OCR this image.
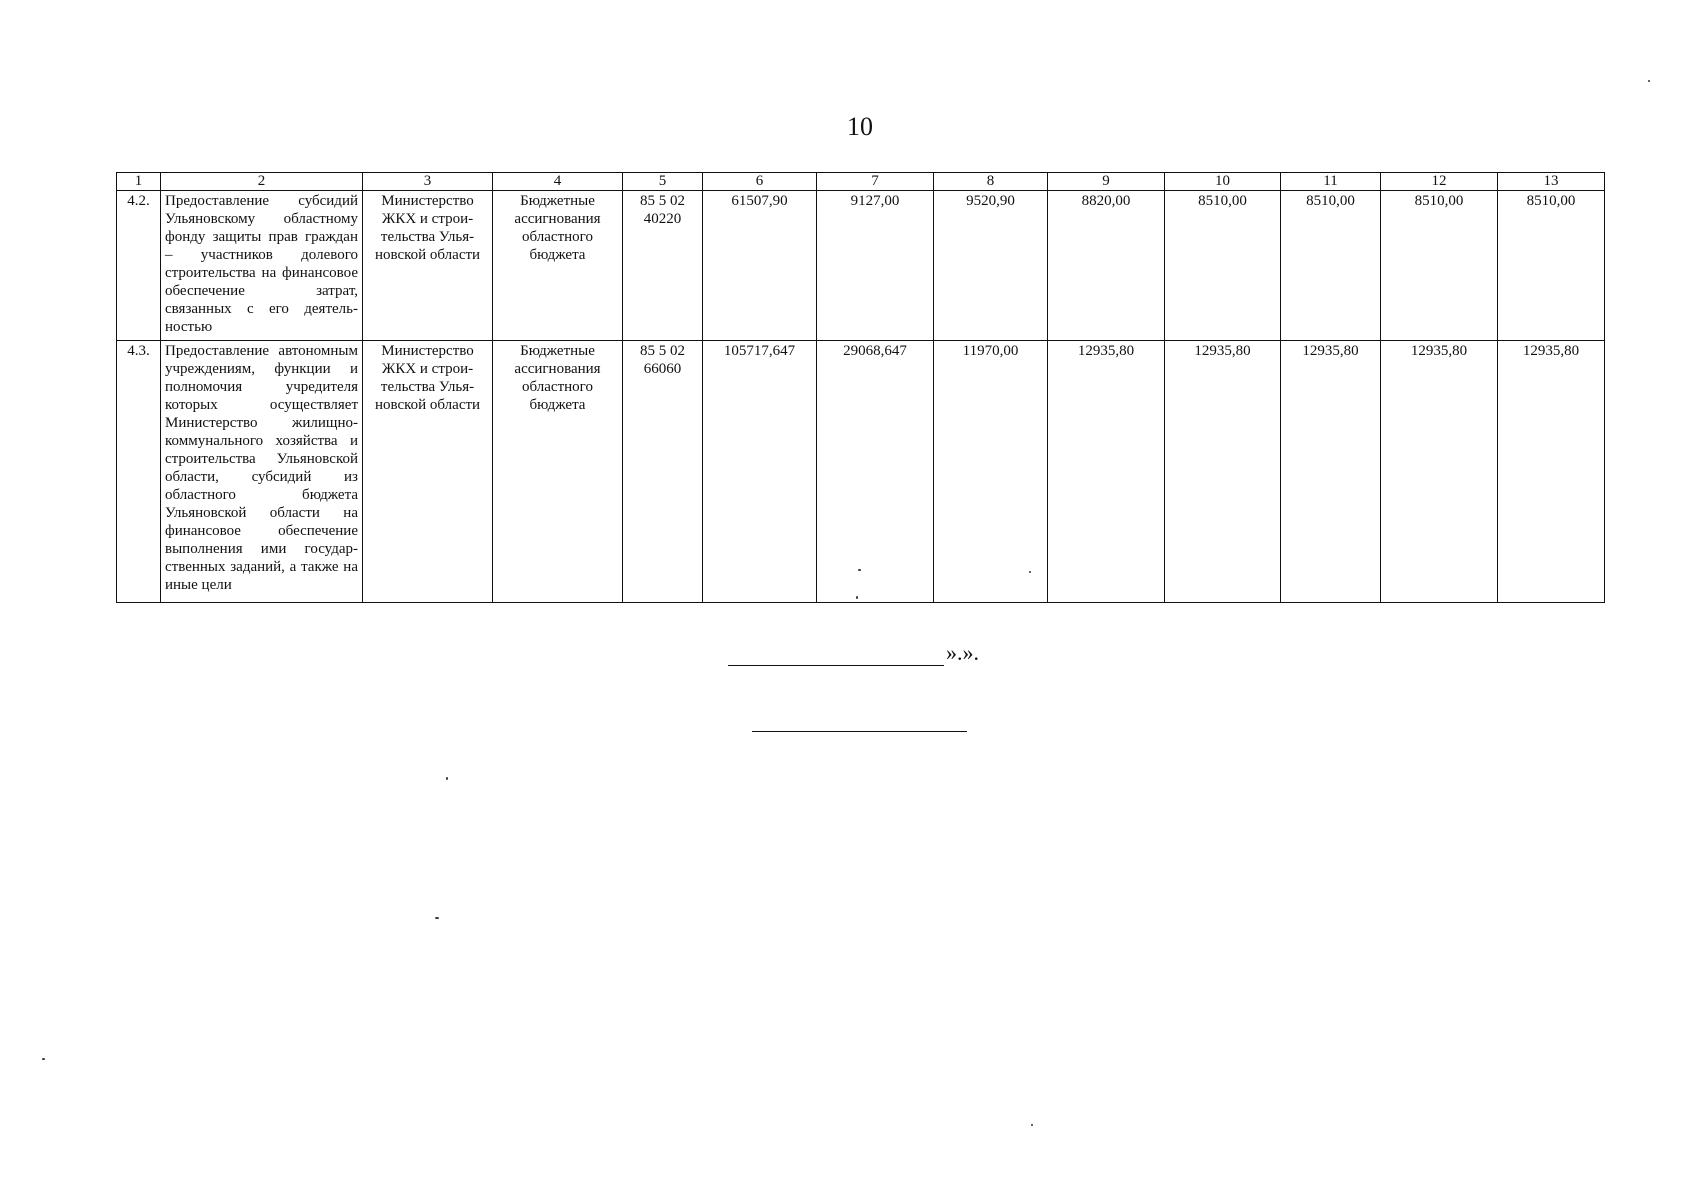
10
1	2	3	4	5	6	7	8	9	10	11	12	13
4.2.	Предоставление субсидий Ульяновскому областному фонду защиты прав граждан – участников долевого строительства на финансовое обеспечение затрат, связанных с его деятельностью	Министерство ЖКХ и строительства Ульяновской области	Бюджетные ассигнования областного бюджета	85 5 02 40220	61507,90	9127,00	9520,90	8820,00	8510,00	8510,00	8510,00	8510,00
4.3.	Предоставление автономным учреждениям, функции и полномочия учредителя которых осуществляет Министерство жилищно-коммунального хозяйства и строительства Ульяновской области, субсидий из областного бюджета Ульяновской области на финансовое обеспечение выполнения ими государственных заданий, а также на иные цели	Министерство ЖКХ и строительства Ульяновской области	Бюджетные ассигнования областного бюджета	85 5 02 66060	105717,647	29068,647	11970,00	12935,80	12935,80	12935,80	12935,80	12935,80
».».
